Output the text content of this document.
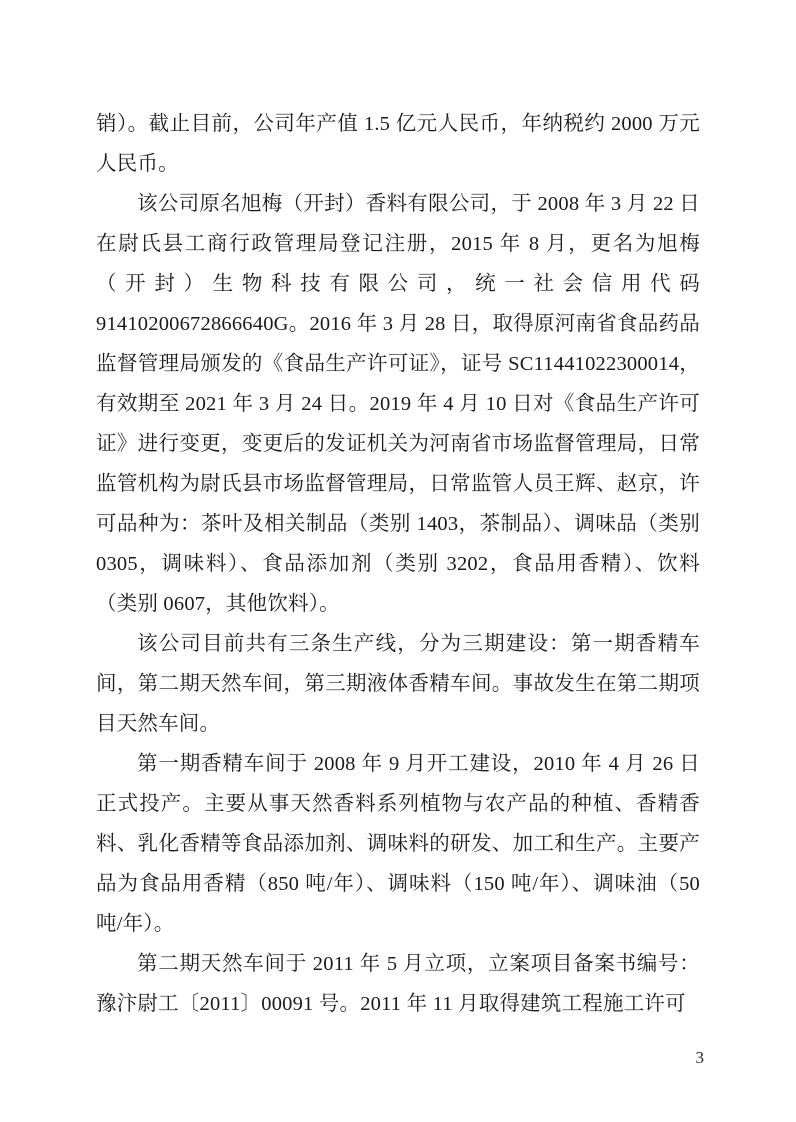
销）。截止目前，公司年产值 1.5 亿元人民币，年纳税约 2000 万元人民币。

该公司原名旭梅（开封）香料有限公司，于 2008 年 3 月 22 日在尉氏县工商行政管理局登记注册，2015 年 8 月，更名为旭梅（开封）生物科技有限公司，统一社会信用代码91410200672866640G。2016 年 3 月 28 日，取得原河南省食品药品监督管理局颁发的《食品生产许可证》，证号 SC11441022300014，有效期至 2021 年 3 月 24 日。2019 年 4 月 10 日对《食品生产许可证》进行变更，变更后的发证机关为河南省市场监督管理局，日常监管机构为尉氏县市场监督管理局，日常监管人员王辉、赵京，许可品种为：茶叶及相关制品（类别 1403，茶制品）、调味品（类别 0305，调味料）、食品添加剂（类别 3202，食品用香精）、饮料（类别 0607，其他饮料）。

该公司目前共有三条生产线，分为三期建设：第一期香精车间，第二期天然车间，第三期液体香精车间。事故发生在第二期项目天然车间。

第一期香精车间于 2008 年 9 月开工建设，2010 年 4 月 26 日正式投产。主要从事天然香料系列植物与农产品的种植、香精香料、乳化香精等食品添加剂、调味料的研发、加工和生产。主要产品为食品用香精（850 吨/年）、调味料（150 吨/年）、调味油（50 吨/年）。

第二期天然车间于 2011 年 5 月立项，立案项目备案书编号：豫汴尉工〔2011〕00091 号。2011 年 11 月取得建筑工程施工许可

3
